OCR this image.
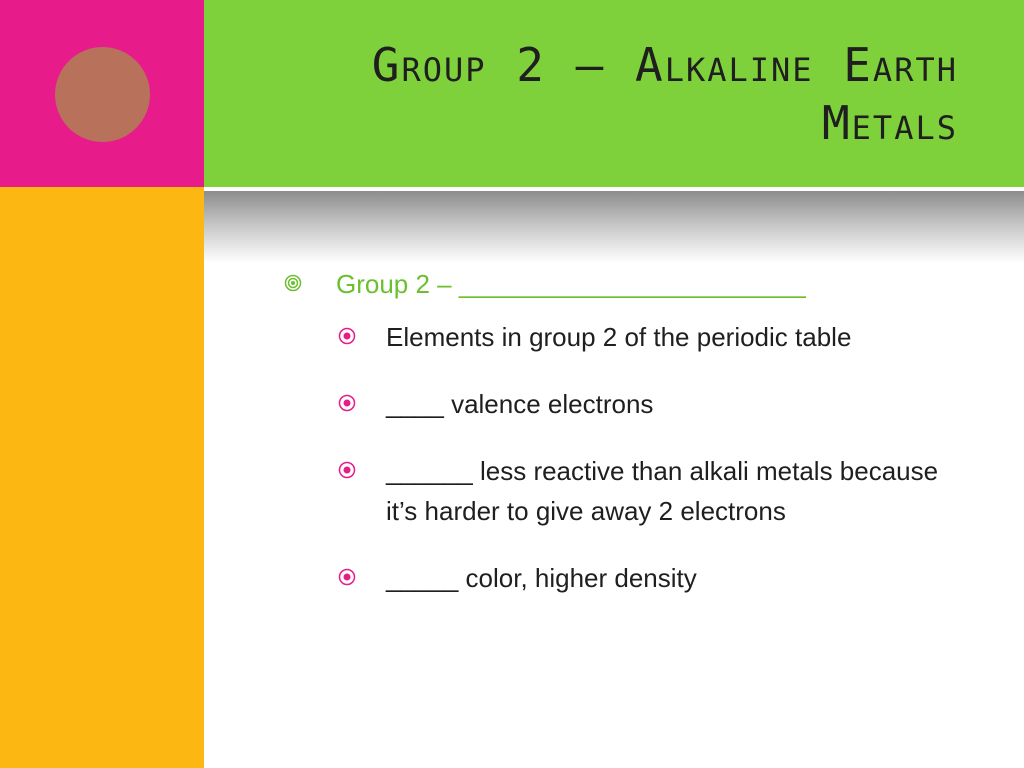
Group 2 – Alkaline Earth
Metals
Group 2 – ________________________
Elements in group 2 of the periodic table
____ valence electrons
______ less reactive than alkali metals because it’s harder to give away 2 electrons
_____ color, higher density
